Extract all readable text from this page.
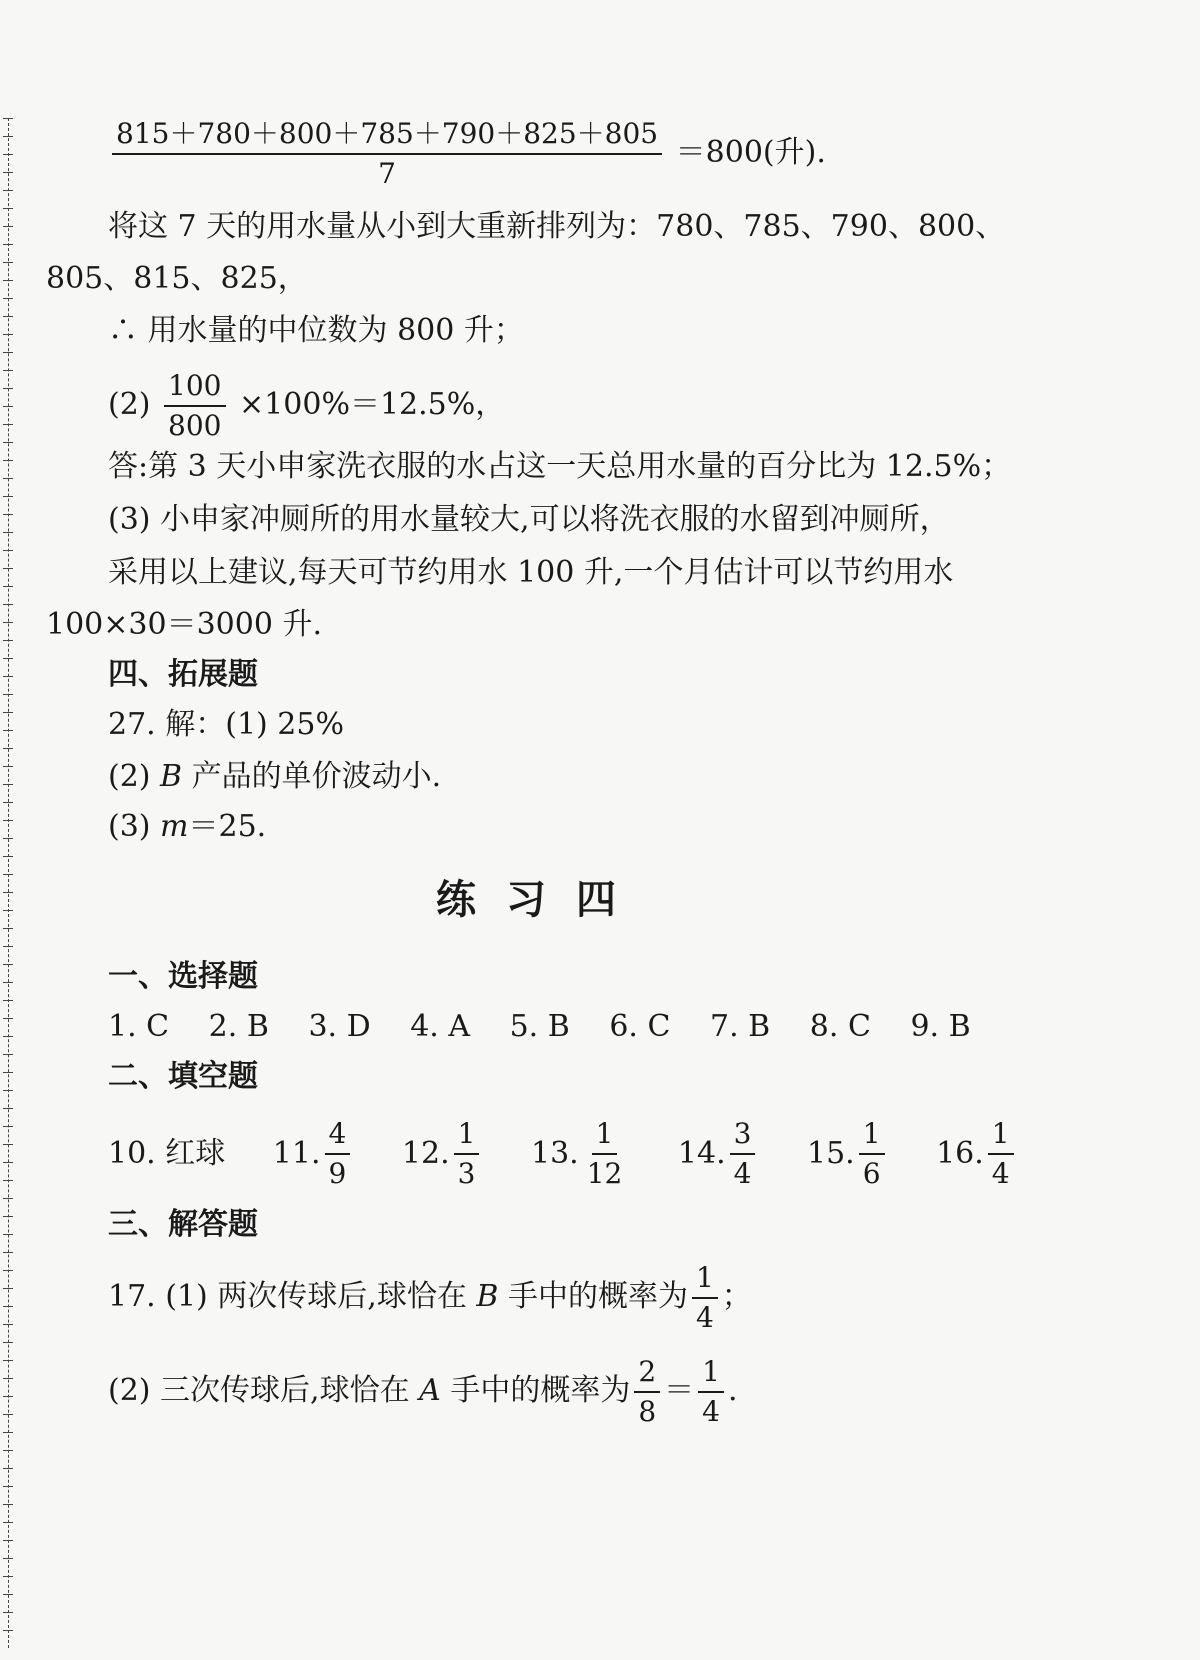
$\frac{815+780+800+785+790+825+805}{7} =800$(升).
将这 7 天的用水量从小到大重新排列为：780、785、790、800、
805、815、825，
∴ 用水量的中位数为 800 升；
$(2) \frac{100}{800} \times 100\%=12.5\%$，
答:第 3 天小申家洗衣服的水占这一天总用水量的百分比为 12.5%；
(3) 小申家冲厕所的用水量较大,可以将洗衣服的水留到冲厕所，
采用以上建议,每天可节约用水 100 升,一个月估计可以节约用水
100×30＝3000 升.
四、拓展题
27. 解：(1) 25%
(2) B 产品的单价波动小.
(3) m＝25.
练习四
一、选择题
1. C 2. B 3. D 4. A 5. B 6. C 7. B 8. C 9. B
二、填空题
10. 红球 11. $\frac{4}{9}$
12. $\frac{1}{3}$
13. $\frac{1}{12}$
14. $\frac{3}{4}$
15. $\frac{1}{6}$
16. $\frac{1}{4}$
三、解答题
17. (1) 两次传球后,球恰在 B 手中的概率为 $\frac{1}{4}$ ；
(2) 三次传球后,球恰在 A 手中的概率为 $\frac{2}{8} = \frac{1}{4}$ .
